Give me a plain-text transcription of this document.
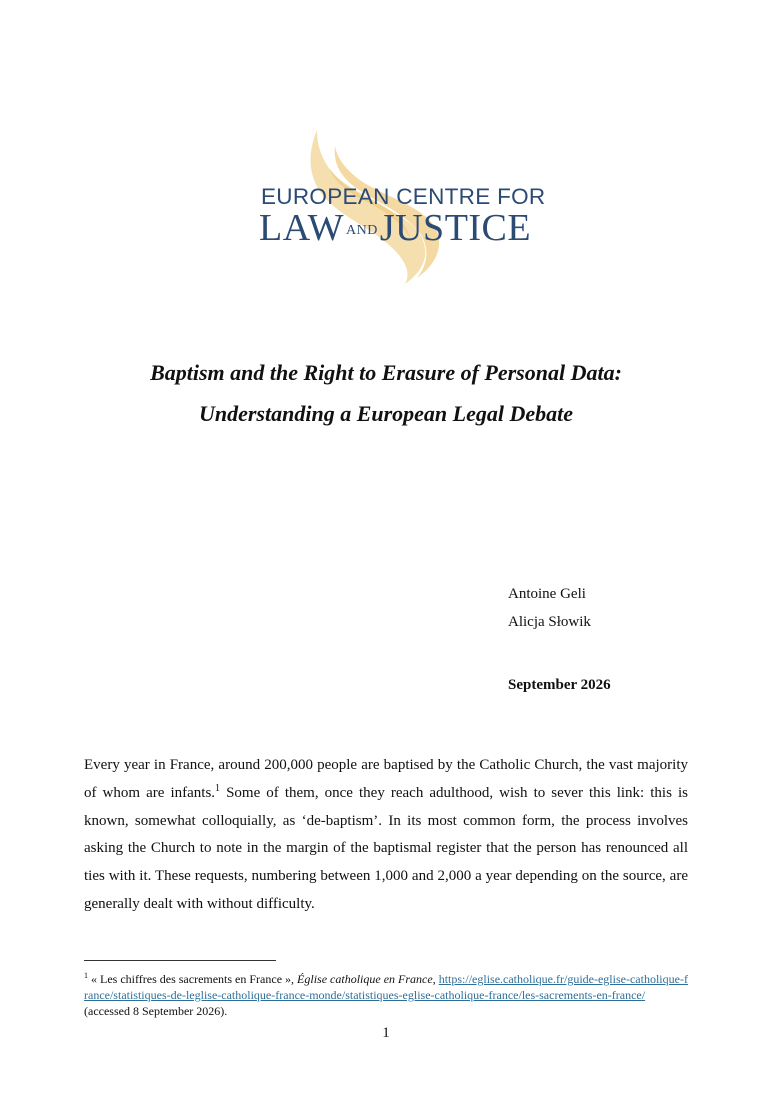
EUROPEAN CENTRE FOR
LAW ANDJUSTICE
Baptism and the Right to Erasure of Personal Data:
Understanding a European Legal Debate
Antoine Geli
Alicja Słowik
September 2026

Every year in France, around 200,000 people are baptised by the Catholic Church, the vast majority of whom are infants.$^1$ Some of them, once they reach adulthood, wish to sever this link: this is known, somewhat colloquially, as ‘de-baptism’. In its most common form, the process involves asking the Church to note in the margin of the baptismal register that the person has renounced all ties with it. These requests, numbering between 1,000 and 2,000 a year depending on the source, are generally dealt with without difficulty.

$^1$ « Les chiffres des sacrements en France », Église catholique en France, https://eglise.catholique.fr/guide-eglise-catholique-france/statistiques-de-leglise-catholique-france-monde/statistiques-eglise-catholique-france/les-sacrements-en-france/ (accessed 8 September 2026).
1
